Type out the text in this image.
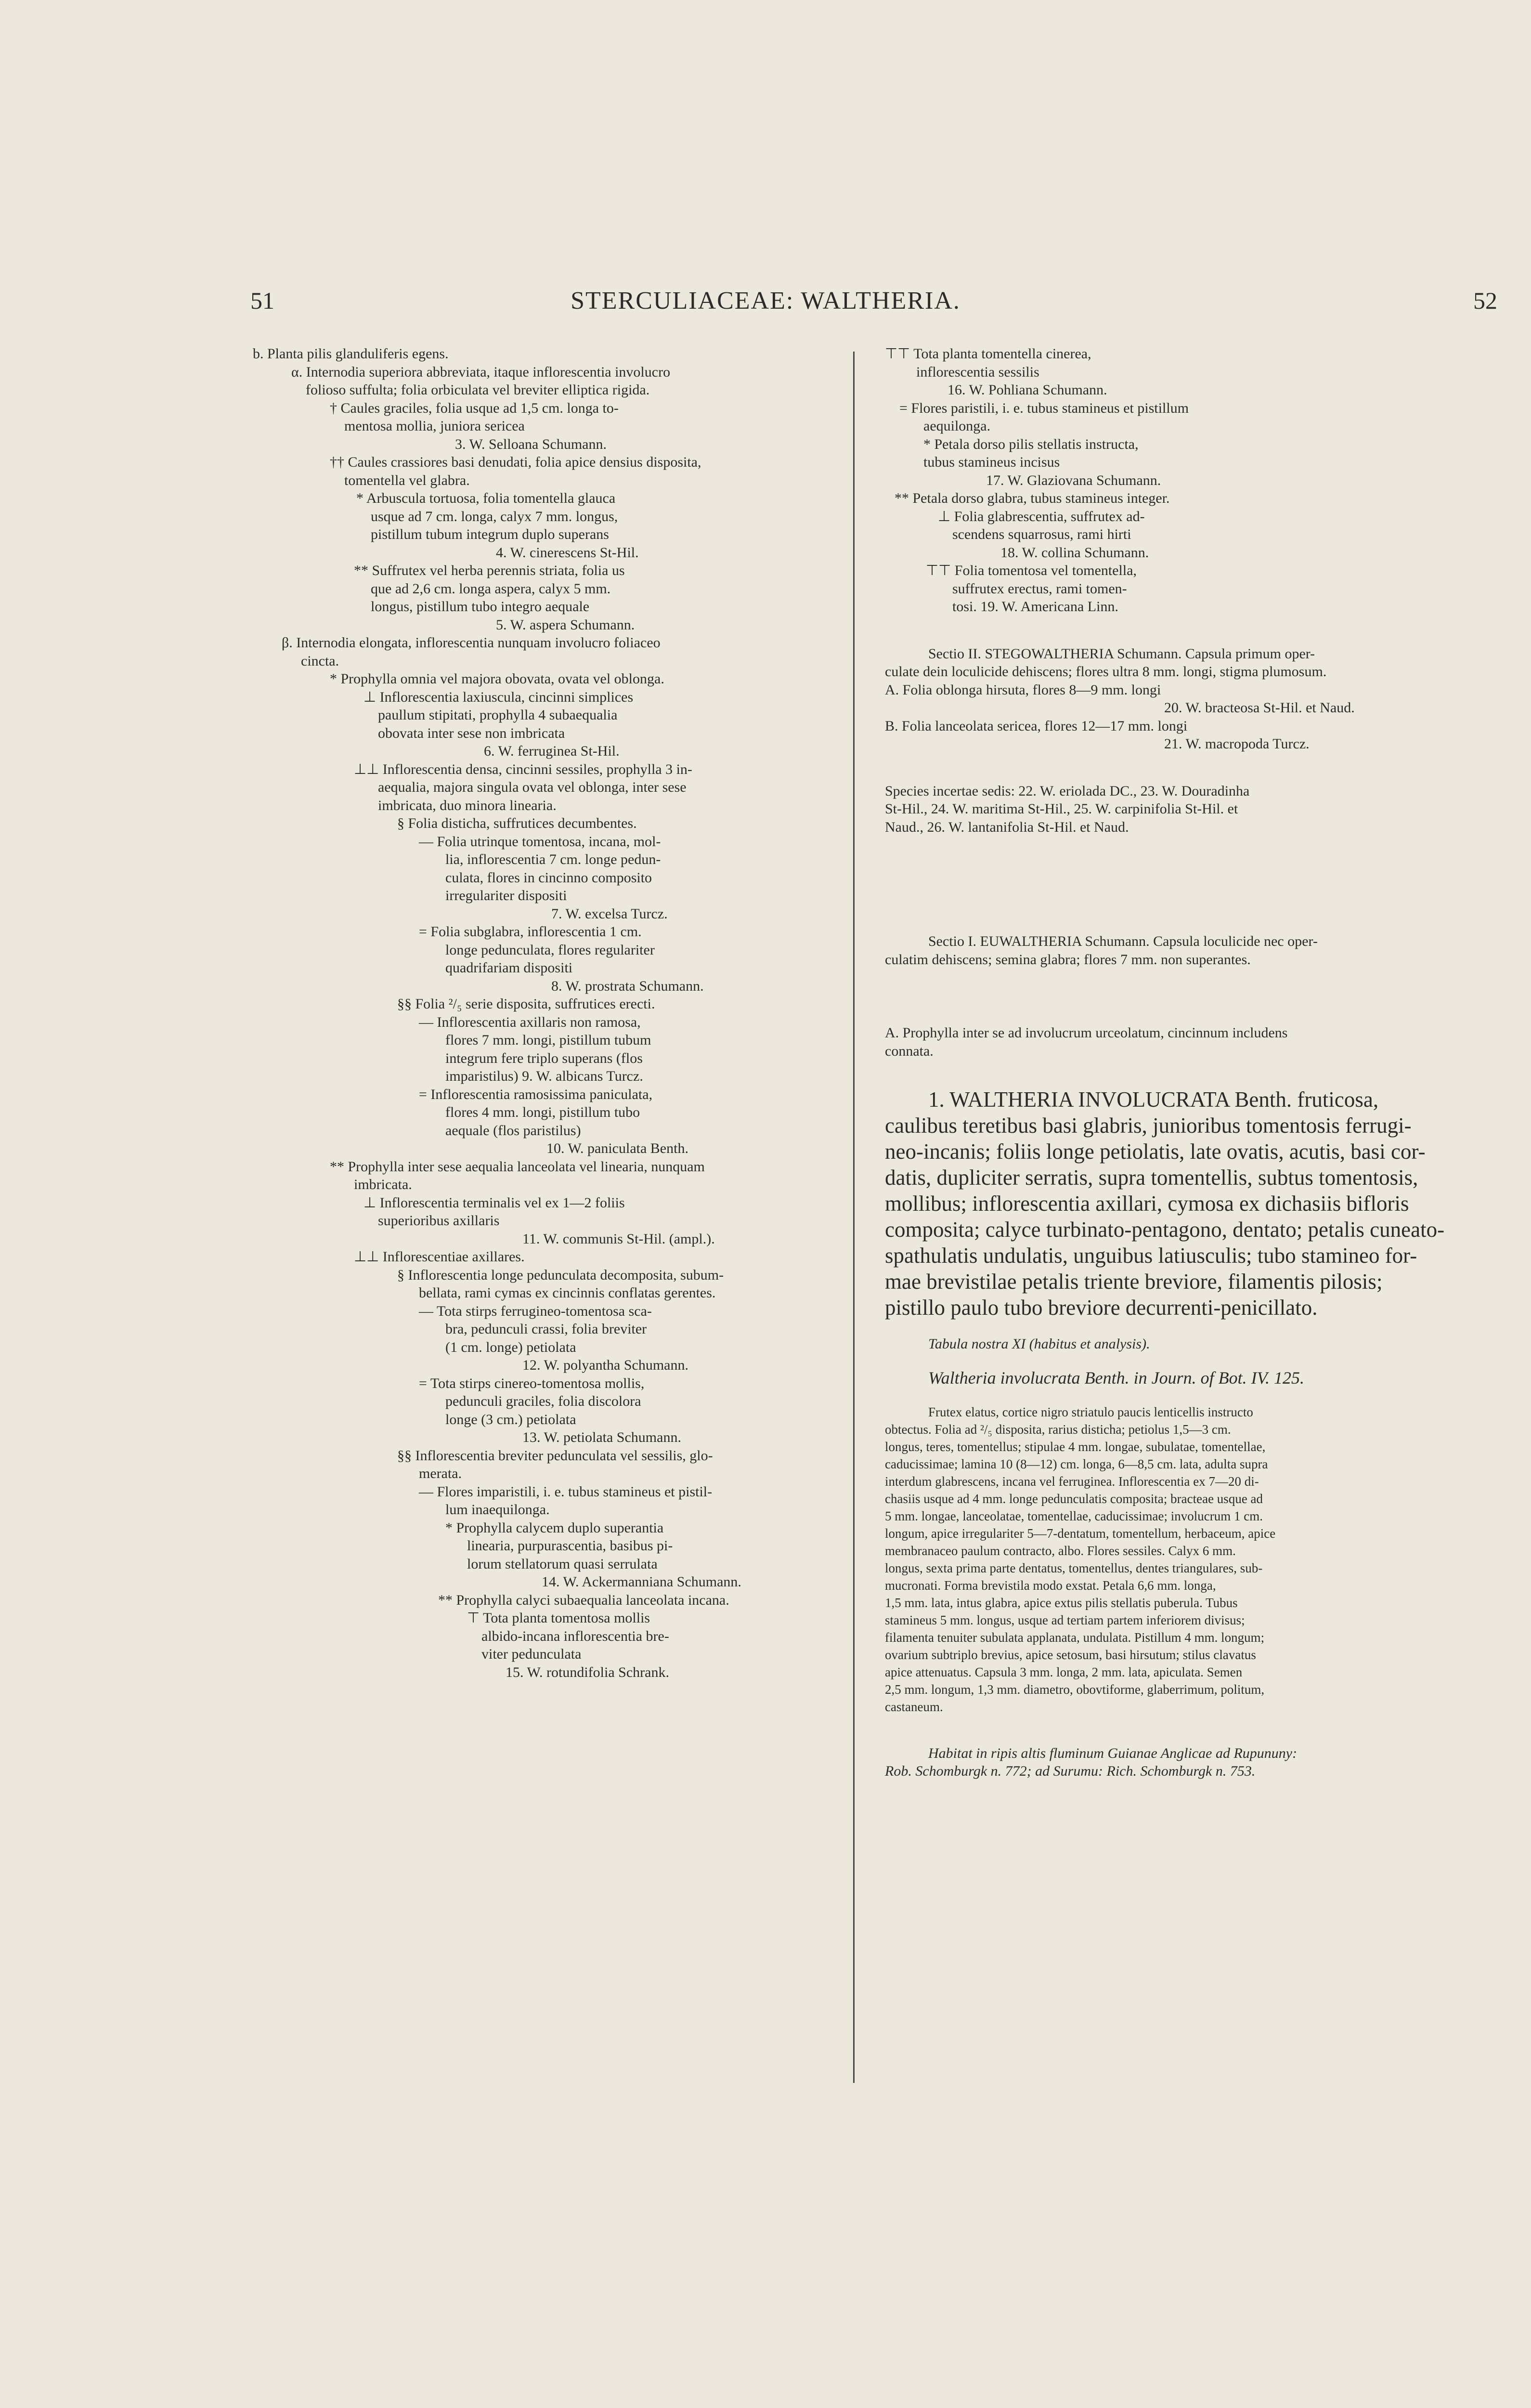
51	STERCULIACEAE: WALTHERIA.	52
b. Planta pilis glanduliferis egens.
α. Internodia superiora abbreviata, itaque inflorescentia involucro
folioso suffulta; folia orbiculata vel breviter elliptica rigida.
† Caules graciles, folia usque ad 1,5 cm. longa to-
mentosa mollia, juniora sericea
3. W. Selloana Schumann.
†† Caules crassiores basi denudati, folia apice densius disposita,
tomentella vel glabra.
* Arbuscula tortuosa, folia tomentella glauca
usque ad 7 cm. longa, calyx 7 mm. longus,
pistillum tubum integrum duplo superans
4. W. cinerescens St-Hil.
** Suffrutex vel herba perennis striata, folia us
que ad 2,6 cm. longa aspera, calyx 5 mm.
longus, pistillum tubo integro aequale
5. W. aspera Schumann.
β. Internodia elongata, inflorescentia nunquam involucro foliaceo
cincta.
* Prophylla omnia vel majora obovata, ovata vel oblonga.
⊥ Inflorescentia laxiuscula, cincinni simplices
paullum stipitati, prophylla 4 subaequalia
obovata inter sese non imbricata
6. W. ferruginea St-Hil.
⊥⊥ Inflorescentia densa, cincinni sessiles, prophylla 3 in-
aequalia, majora singula ovata vel oblonga, inter sese
imbricata, duo minora linearia.
§ Folia disticha, suffrutices decumbentes.
— Folia utrinque tomentosa, incana, mol-
lia, inflorescentia 7 cm. longe pedun-
culata, flores in cincinno composito
irregulariter dispositi
7. W. excelsa Turcz.
= Folia subglabra, inflorescentia 1 cm.
longe pedunculata, flores regulariter
quadrifariam dispositi
8. W. prostrata Schumann.
§§ Folia ²/₅ serie disposita, suffrutices erecti.
— Inflorescentia axillaris non ramosa,
flores 7 mm. longi, pistillum tubum
integrum fere triplo superans (flos
imparistilus) 9. W. albicans Turcz.
= Inflorescentia ramosissima paniculata,
flores 4 mm. longi, pistillum tubo
aequale (flos paristilus)
10. W. paniculata Benth.
** Prophylla inter sese aequalia lanceolata vel linearia, nunquam
imbricata.
⊥ Inflorescentia terminalis vel ex 1—2 foliis
superioribus axillaris
11. W. communis St-Hil. (ampl.).
⊥⊥ Inflorescentiae axillares.
§ Inflorescentia longe pedunculata decomposita, subum-
bellata, rami cymas ex cincinnis conflatas gerentes.
— Tota stirps ferrugineo-tomentosa sca-
bra, pedunculi crassi, folia breviter
(1 cm. longe) petiolata
12. W. polyantha Schumann.
= Tota stirps cinereo-tomentosa mollis,
pedunculi graciles, folia discolora
longe (3 cm.) petiolata
13. W. petiolata Schumann.
§§ Inflorescentia breviter pedunculata vel sessilis, glo-
merata.
— Flores imparistili, i. e. tubus stamineus et pistil-
lum inaequilonga.
* Prophylla calycem duplo superantia
linearia, purpurascentia, basibus pi-
lorum stellatorum quasi serrulata
14. W. Ackermanniana Schumann.
** Prophylla calyci subaequalia lanceolata incana.
⊤ Tota planta tomentosa mollis
albido-incana inflorescentia bre-
viter pedunculata
15. W. rotundifolia Schrank.
⊤⊤ Tota planta tomentella cinerea,
inflorescentia sessilis
16. W. Pohliana Schumann.
= Flores paristili, i. e. tubus stamineus et pistillum
aequilonga.
* Petala dorso pilis stellatis instructa,
tubus stamineus incisus
17. W. Glaziovana Schumann.
** Petala dorso glabra, tubus stamineus integer.
⊥ Folia glabrescentia, suffrutex ad-
scendens squarrosus, rami hirti
18. W. collina Schumann.
⊤⊤ Folia tomentosa vel tomentella,
suffrutex erectus, rami tomen-
tosi. 19. W. Americana Linn.
Sectio II. STEGOWALTHERIA Schumann. Capsula primum oper-
culate dein loculicide dehiscens; flores ultra 8 mm. longi, stigma plumosum.
A. Folia oblonga hirsuta, flores 8—9 mm. longi
20. W. bracteosa St-Hil. et Naud.
B. Folia lanceolata sericea, flores 12—17 mm. longi
21. W. macropoda Turcz.
Species incertae sedis: 22. W. eriolada DC., 23. W. Douradinha
St-Hil., 24. W. maritima St-Hil., 25. W. carpinifolia St-Hil. et
Naud., 26. W. lantanifolia St-Hil. et Naud.
Sectio I. EUWALTHERIA Schumann. Capsula loculicide nec oper-
culatim dehiscens; semina glabra; flores 7 mm. non superantes.
A. Prophylla inter se ad involucrum urceolatum, cincinnum includens
connata.
1. WALTHERIA INVOLUCRATA Benth. fruticosa,
caulibus teretibus basi glabris, junioribus tomentosis ferrugi-
neo-incanis; foliis longe petiolatis, late ovatis, acutis, basi cor-
datis, dupliciter serratis, supra tomentellis, subtus tomentosis,
mollibus; inflorescentia axillari, cymosa ex dichasiis bifloris
composita; calyce turbinato-pentagono, dentato; petalis cuneato-
spathulatis undulatis, unguibus latiusculis; tubo stamineo for-
mae brevistilae petalis triente breviore, filamentis pilosis;
pistillo paulo tubo breviore decurrenti-penicillato.
Tabula nostra XI (habitus et analysis).
Waltheria involucrata Benth. in Journ. of Bot. IV. 125.
Frutex elatus, cortice nigro striatulo paucis lenticellis instructo
obtectus. Folia ad ²/₅ disposita, rarius disticha; petiolus 1,5—3 cm.
longus, teres, tomentellus; stipulae 4 mm. longae, subulatae, tomentellae,
caducissimae; lamina 10 (8—12) cm. longa, 6—8,5 cm. lata, adulta supra
interdum glabrescens, incana vel ferruginea. Inflorescentia ex 7—20 di-
chasiis usque ad 4 mm. longe pedunculatis composita; bracteae usque ad
5 mm. longae, lanceolatae, tomentellae, caducissimae; involucrum 1 cm.
longum, apice irregulariter 5—7-dentatum, tomentellum, herbaceum, apice
membranaceo paulum contracto, albo. Flores sessiles. Calyx 6 mm.
longus, sexta prima parte dentatus, tomentellus, dentes triangulares, sub-
mucronati. Forma brevistila modo exstat. Petala 6,6 mm. longa,
1,5 mm. lata, intus glabra, apice extus pilis stellatis puberula. Tubus
stamineus 5 mm. longus, usque ad tertiam partem inferiorem divisus;
filamenta tenuiter subulata applanata, undulata. Pistillum 4 mm. longum;
ovarium subtriplo brevius, apice setosum, basi hirsutum; stilus clavatus
apice attenuatus. Capsula 3 mm. longa, 2 mm. lata, apiculata. Semen
2,5 mm. longum, 1,3 mm. diametro, obovtiforme, glaberrimum, politum,
castaneum.
Habitat in ripis altis fluminum Guianae Anglicae ad Rupununy:
Rob. Schomburgk n. 772; ad Surumu: Rich. Schomburgk n. 753.
